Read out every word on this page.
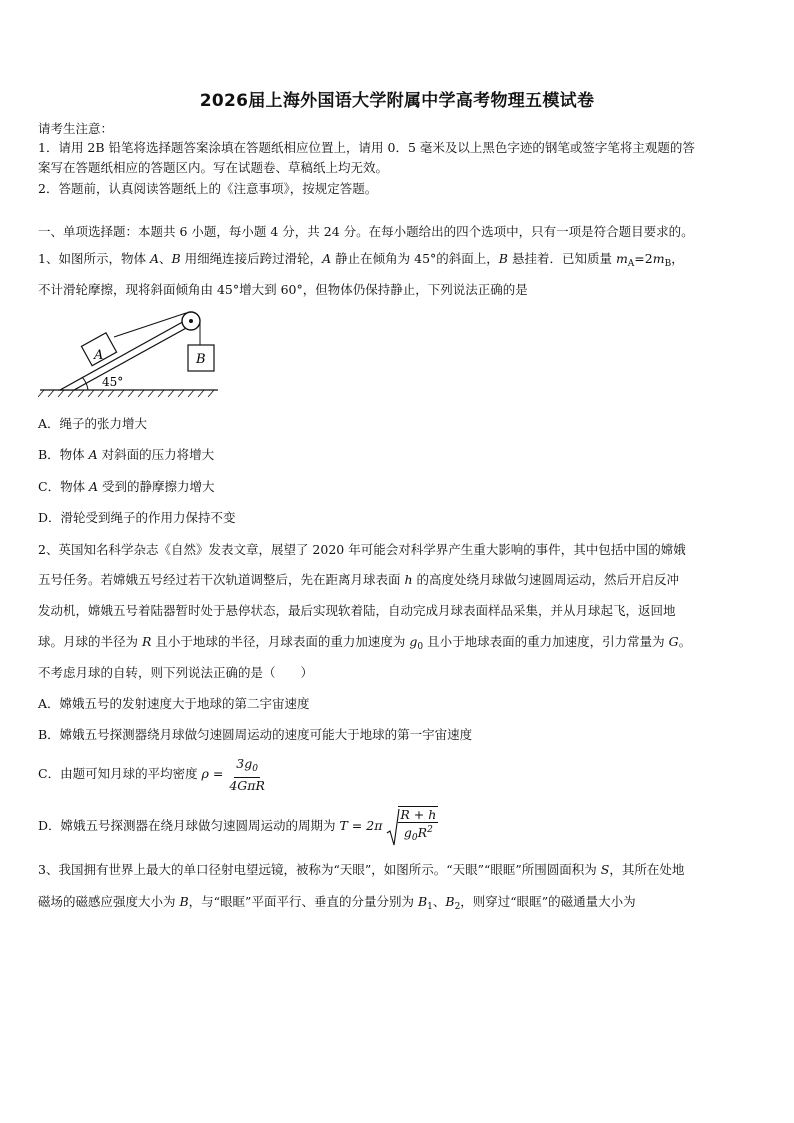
2026届上海外国语大学附属中学高考物理五模试卷
请考生注意：
1．请用 2B 铅笔将选择题答案涂填在答题纸相应位置上，请用 0．5 毫米及以上黑色字迹的钢笔或签字笔将主观题的答
案写在答题纸相应的答题区内。写在试题卷、草稿纸上均无效。
2．答题前，认真阅读答题纸上的《注意事项》，按规定答题。
一、单项选择题：本题共 6 小题，每小题 4 分，共 24 分。在每小题给出的四个选项中，只有一项是符合题目要求的。
1、如图所示，物体 A、B 用细绳连接后跨过滑轮，A 静止在倾角为 45°的斜面上，B 悬挂着．已知质量 $m_A=2m_B$，
不计滑轮摩擦，现将斜面倾角由 45°增大到 60°，但物体仍保持静止，下列说法正确的是
A	B
45°
A．绳子的张力增大
B．物体 A 对斜面的压力将增大
C．物体 A 受到的静摩擦力增大
D．滑轮受到绳子的作用力保持不变
2、英国知名科学杂志《自然》发表文章，展望了 2020 年可能会对科学界产生重大影响的事件，其中包括中国的嫦娥
五号任务。若嫦娥五号经过若干次轨道调整后，先在距离月球表面 h 的高度处绕月球做匀速圆周运动，然后开启反冲
发动机，嫦娥五号着陆器暂时处于悬停状态，最后实现软着陆，自动完成月球表面样品采集，并从月球起飞，返回地
球。月球的半径为 R 且小于地球的半径，月球表面的重力加速度为 $g_0$ 且小于地球表面的重力加速度，引力常量为 G。
不考虑月球的自转，则下列说法正确的是（　　）
A．嫦娥五号的发射速度大于地球的第二宇宙速度
B．嫦娥五号探测器绕月球做匀速圆周运动的速度可能大于地球的第一宇宙速度
C．由题可知月球的平均密度 $\rho = \frac{3g_0}{\text{4GπR}}$
D．嫦娥五号探测器在绕月球做匀速圆周运动的周期为 $T = 2\pi \frac{R + h}{g_0R^2}$
3、我国拥有世界上最大的单口径射电望远镜，被称为“天眼”，如图所示。“天眼”“眼眶”所围圆面积为 S，其所在处地
磁场的磁感应强度大小为 B，与“眼眶”平面平行、垂直的分量分别为 $B_1$、$B_2$，则穿过“眼眶”的磁通量大小为
